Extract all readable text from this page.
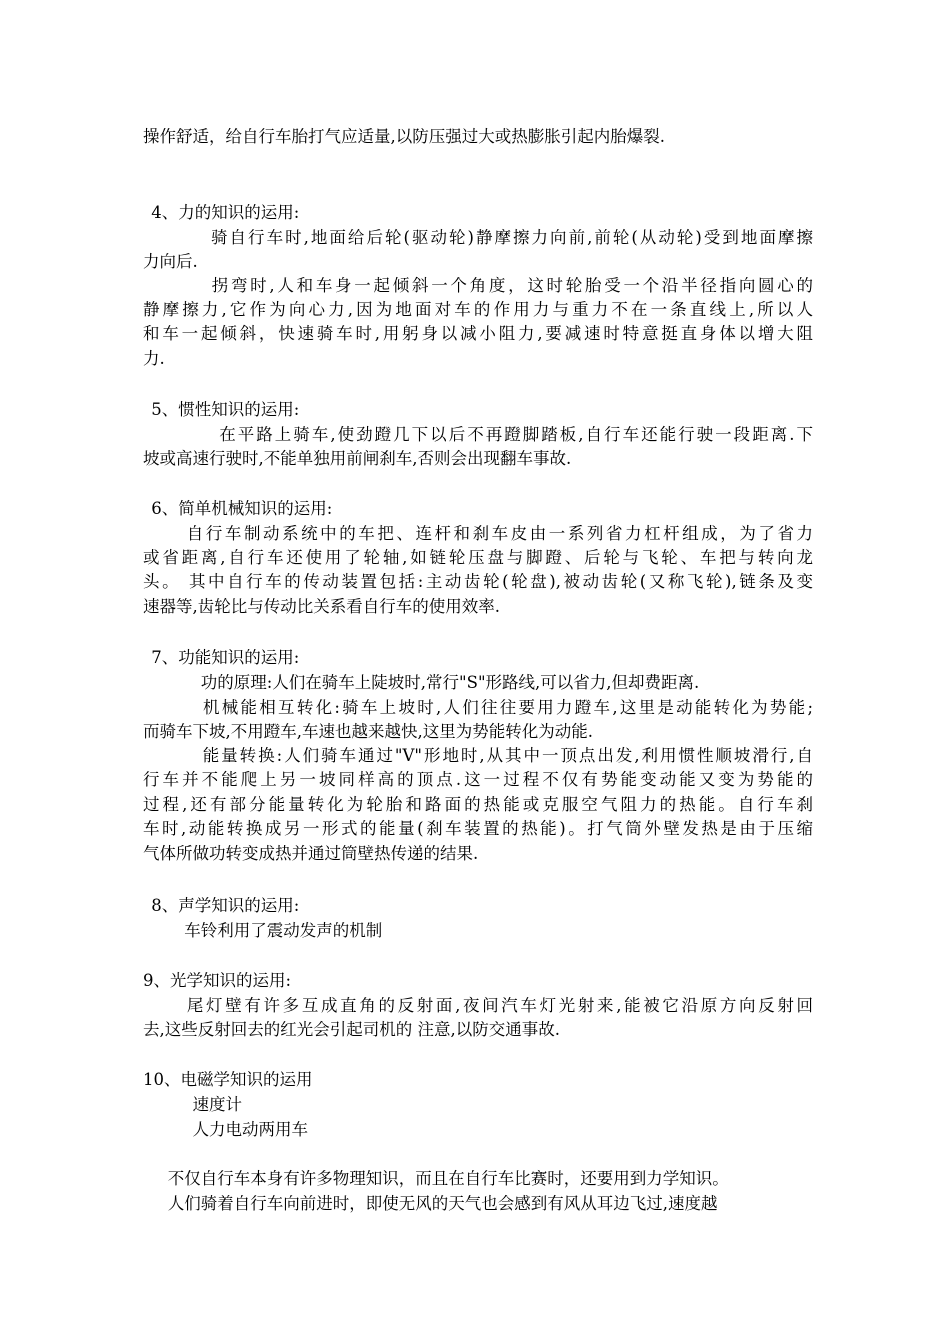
操作舒适，给自行车胎打气应适量,以防压强过大或热膨胀引起内胎爆裂.
4、力的知识的运用:
骑自行车时,地面给后轮(驱动轮)静摩擦力向前,前轮(从动轮)受到地面摩擦
力向后.
拐弯时,人和车身一起倾斜一个角度，这时轮胎受一个沿半径指向圆心的
静摩擦力,它作为向心力,因为地面对车的作用力与重力不在一条直线上,所以人
和车一起倾斜，快速骑车时,用躬身以减小阻力,要减速时特意挺直身体以增大阻
力.
5、惯性知识的运用:
在平路上骑车,使劲蹬几下以后不再蹬脚踏板,自行车还能行驶一段距离.下
坡或高速行驶时,不能单独用前闸刹车,否则会出现翻车事故.
6、简单机械知识的运用:
自行车制动系统中的车把、连杆和刹车皮由一系列省力杠杆组成，为了省力
或省距离,自行车还使用了轮轴,如链轮压盘与脚蹬、后轮与飞轮、车把与转向龙
头。 其中自行车的传动装置包括:主动齿轮(轮盘),被动齿轮(又称飞轮),链条及变
速器等,齿轮比与传动比关系看自行车的使用效率.
7、功能知识的运用:
功的原理:人们在骑车上陡坡时,常行"S"形路线,可以省力,但却费距离.
机械能相互转化:骑车上坡时,人们往往要用力蹬车,这里是动能转化为势能;
而骑车下坡,不用蹬车,车速也越来越快,这里为势能转化为动能.
能量转换:人们骑车通过"V"形地时,从其中一顶点出发,利用惯性顺坡滑行,自
行车并不能爬上另一坡同样高的顶点.这一过程不仅有势能变动能又变为势能的
过程,还有部分能量转化为轮胎和路面的热能或克服空气阻力的热能。自行车刹
车时,动能转换成另一形式的能量(刹车装置的热能)。打气筒外壁发热是由于压缩
气体所做功转变成热并通过筒壁热传递的结果.
8、声学知识的运用:
车铃利用了震动发声的机制
9、光学知识的运用:
尾灯壁有许多互成直角的反射面,夜间汽车灯光射来,能被它沿原方向反射回
去,这些反射回去的红光会引起司机的 注意,以防交通事故.
10、电磁学知识的运用
速度计
人力电动两用车
不仅自行车本身有许多物理知识，而且在自行车比赛时，还要用到力学知识。
人们骑着自行车向前进时，即使无风的天气也会感到有风从耳边飞过,速度越
